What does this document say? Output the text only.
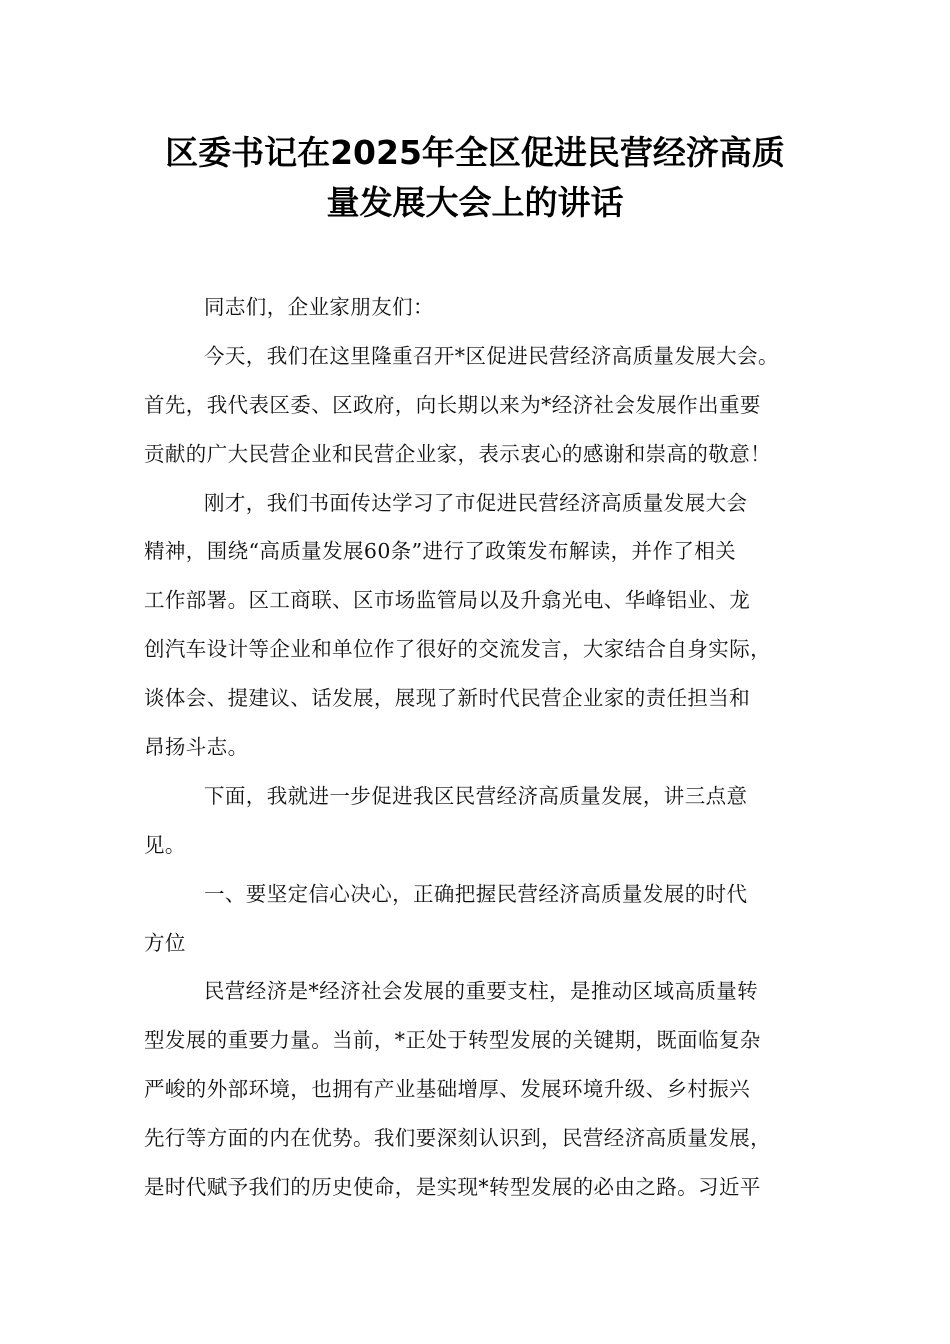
区委书记在2025年全区促进民营经济高质
量发展大会上的讲话
同志们，企业家朋友们：
今天，我们在这里隆重召开*区促进民营经济高质量发展大会。
首先，我代表区委、区政府，向长期以来为*经济社会发展作出重要
贡献的广大民营企业和民营企业家，表示衷心的感谢和崇高的敬意！
刚才，我们书面传达学习了市促进民营经济高质量发展大会
精神，围绕“高质量发展60条”进行了政策发布解读，并作了相关
工作部署。区工商联、区市场监管局以及升翕光电、华峰铝业、龙
创汽车设计等企业和单位作了很好的交流发言，大家结合自身实际，
谈体会、提建议、话发展，展现了新时代民营企业家的责任担当和
昂扬斗志。
下面，我就进一步促进我区民营经济高质量发展，讲三点意
见。
一、要坚定信心决心，正确把握民营经济高质量发展的时代
方位
民营经济是*经济社会发展的重要支柱，是推动区域高质量转
型发展的重要力量。当前，*正处于转型发展的关键期，既面临复杂
严峻的外部环境，也拥有产业基础增厚、发展环境升级、乡村振兴
先行等方面的内在优势。我们要深刻认识到，民营经济高质量发展，
是时代赋予我们的历史使命，是实现*转型发展的必由之路。习近平
